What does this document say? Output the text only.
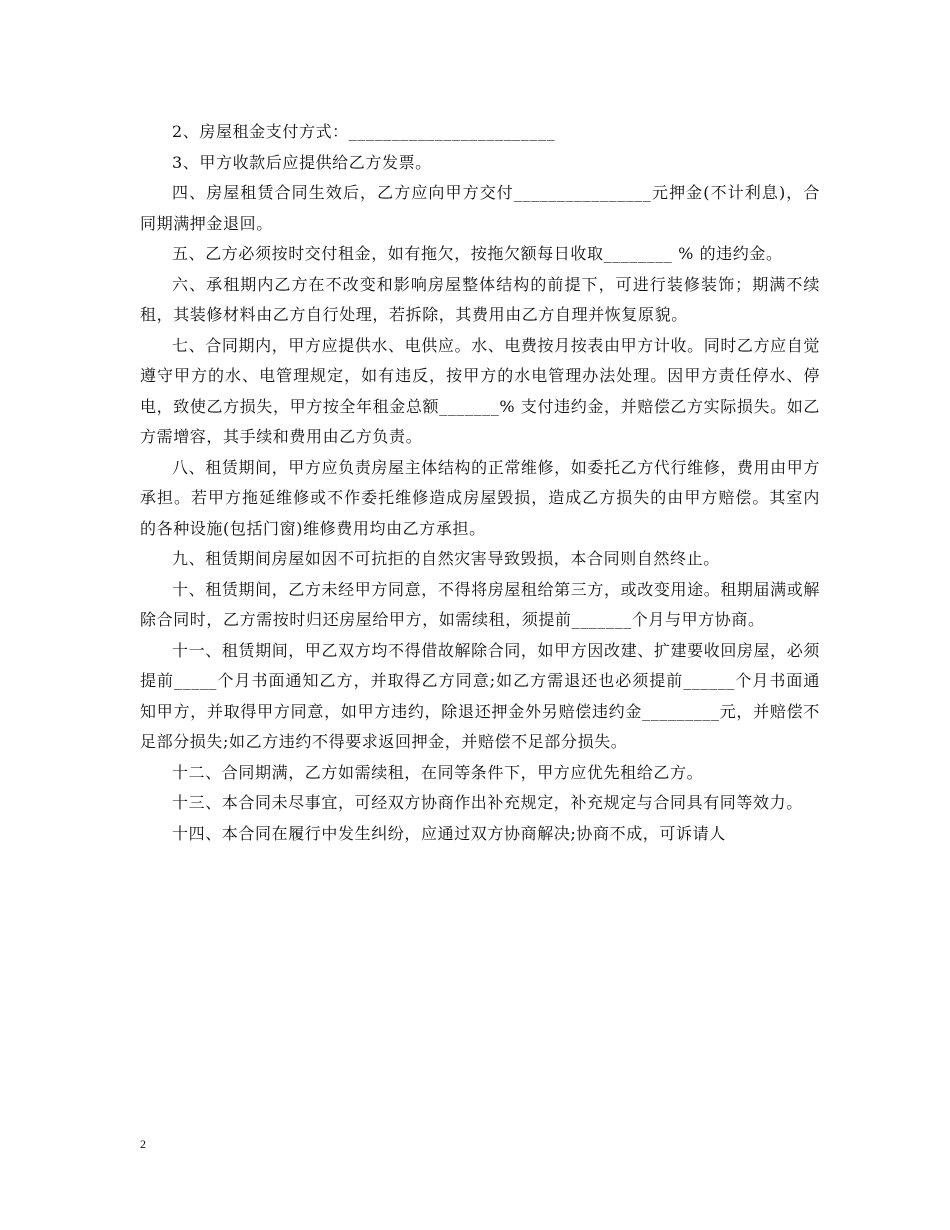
2、房屋租金支付方式：________________________

3、甲方收款后应提供给乙方发票。

四、房屋租赁合同生效后，乙方应向甲方交付________________元押金(不计利息)，合同期满押金退回。

五、乙方必须按时交付租金，如有拖欠，按拖欠额每日收取________ % 的违约金。

六、承租期内乙方在不改变和影响房屋整体结构的前提下，可进行装修装饰；期满不续租，其装修材料由乙方自行处理，若拆除，其费用由乙方自理并恢复原貌。

七、合同期内，甲方应提供水、电供应。水、电费按月按表由甲方计收。同时乙方应自觉遵守甲方的水、电管理规定，如有违反，按甲方的水电管理办法处理。因甲方责任停水、停电，致使乙方损失，甲方按全年租金总额_______% 支付违约金，并赔偿乙方实际损失。如乙方需增容，其手续和费用由乙方负责。

八、租赁期间，甲方应负责房屋主体结构的正常维修，如委托乙方代行维修，费用由甲方承担。若甲方拖延维修或不作委托维修造成房屋毁损，造成乙方损失的由甲方赔偿。其室内的各种设施(包括门窗)维修费用均由乙方承担。

九、租赁期间房屋如因不可抗拒的自然灾害导致毁损，本合同则自然终止。

十、租赁期间，乙方未经甲方同意，不得将房屋租给第三方，或改变用途。租期届满或解除合同时，乙方需按时归还房屋给甲方，如需续租，须提前_______个月与甲方协商。

十一、租赁期间，甲乙双方均不得借故解除合同，如甲方因改建、扩建要收回房屋，必须提前_____个月书面通知乙方，并取得乙方同意;如乙方需退还也必须提前______个月书面通知甲方，并取得甲方同意，如甲方违约，除退还押金外另赔偿违约金_________元，并赔偿不足部分损失;如乙方违约不得要求返回押金，并赔偿不足部分损失。

十二、合同期满，乙方如需续租，在同等条件下，甲方应优先租给乙方。

十三、本合同未尽事宜，可经双方协商作出补充规定，补充规定与合同具有同等效力。

十四、本合同在履行中发生纠纷，应通过双方协商解决;协商不成，可诉请人

2
